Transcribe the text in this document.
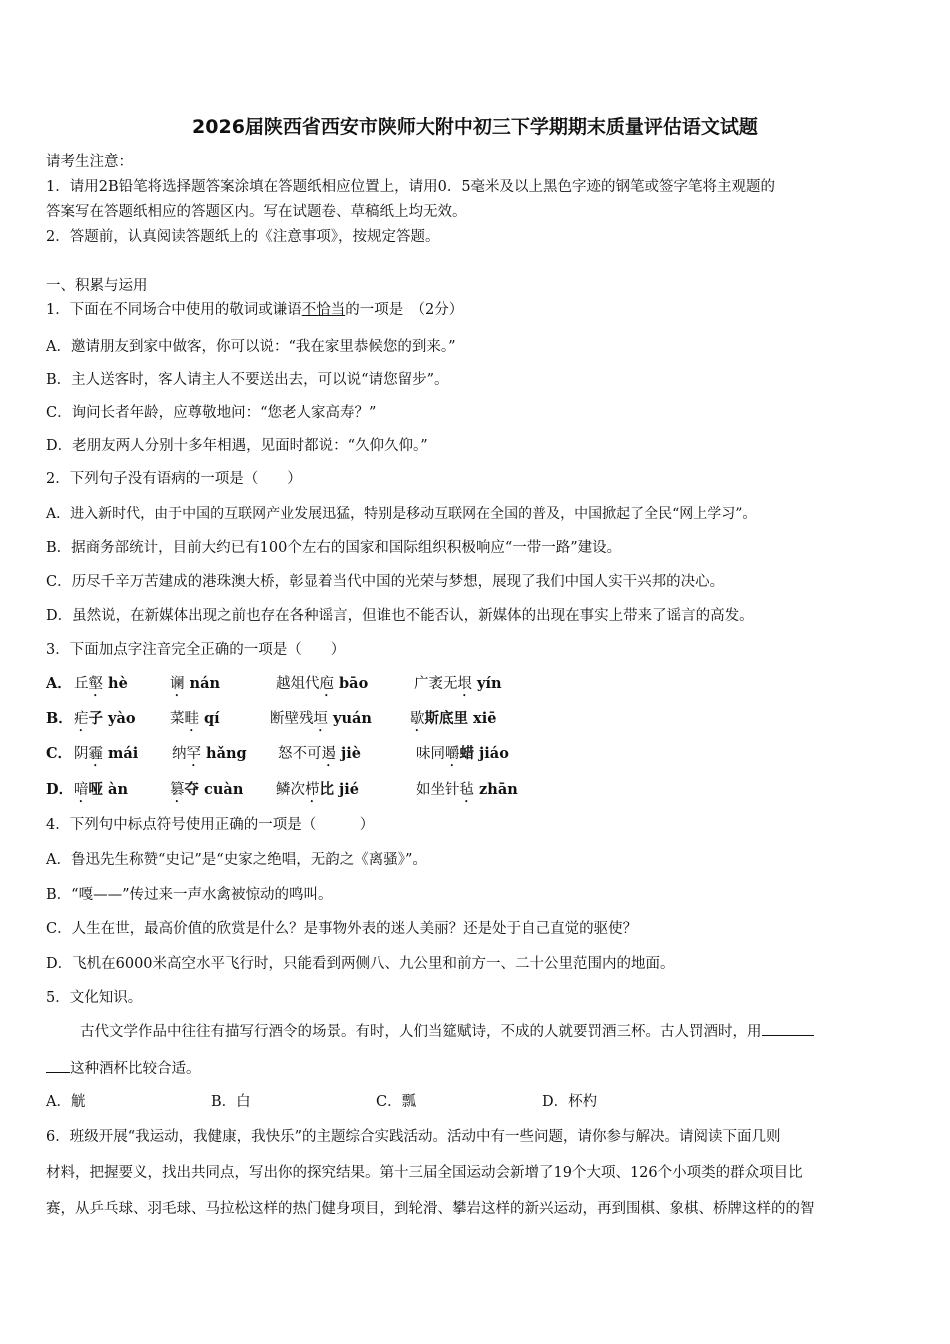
2026届陕西省西安市陕师大附中初三下学期期末质量评估语文试题
请考生注意：
1．请用2B铅笔将选择题答案涂填在答题纸相应位置上，请用0．5毫米及以上黑色字迹的钢笔或签字笔将主观题的
答案写在答题纸相应的答题区内。写在试题卷、草稿纸上均无效。
2．答题前，认真阅读答题纸上的《注意事项》，按规定答题。
一、积累与运用
1．下面在不同场合中使用的敬词或谦语不恰当的一项是　（2分）
A．邀请朋友到家中做客，你可以说：“我在家里恭候您的到来。”
B．主人送客时，客人请主人不要送出去，可以说“请您留步”。
C．询问长者年龄，应尊敬地问：“您老人家高寿？”
D．老朋友两人分别十多年相遇，见面时都说：“久仰久仰。”
2．下列句子没有语病的一项是（　　）
A．进入新时代，由于中国的互联网产业发展迅猛，特别是移动互联网在全国的普及，中国掀起了全民“网上学习”。
B．据商务部统计，目前大约已有100个左右的国家和国际组织积极响应“一带一路”建设。
C．历尽千辛万苦建成的港珠澳大桥，彰显着当代中国的光荣与梦想，展现了我们中国人实干兴邦的决心。
D．虽然说，在新媒体出现之前也存在各种谣言，但谁也不能否认，新媒体的出现在事实上带来了谣言的高发。
3．下面加点字注音完全正确的一项是（　　）
A． 丘壑 hè	谰 nán	越俎代庖 bāo	广袤无垠 yín
B． 疟子 yào 菜畦 qí	断壁残垣 yuán	歇斯底里 xiē
C． 阴霾 mái 纳罕 hǎng 怒不可遏 jiè	味同嚼蜡 jiáo
D． 喑哑 àn	篡夺 cuàn 鳞次栉比 jié	如坐针毡 zhān
4．下列句中标点符号使用正确的一项是（　　　）
A．鲁迅先生称赞“史记”是“史家之绝唱，无韵之《离骚》”。
B．“嘎——”传过来一声水禽被惊动的鸣叫。
C．人生在世，最高价值的欣赏是什么？是事物外表的迷人美丽？还是处于自己直觉的驱使？
D．飞机在6000米高空水平飞行时，只能看到两侧八、九公里和前方一、二十公里范围内的地面。
5．文化知识。
古代文学作品中往往有描写行酒令的场景。有时，人们当筵赋诗，不成的人就要罚酒三杯。古人罚酒时，用
这种酒杯比较合适。
A．觥	B．白	C．瓢	D．杯杓
6．班级开展“我运动，我健康，我快乐”的主题综合实践活动。活动中有一些问题，请你参与解决。请阅读下面几则
材料，把握要义，找出共同点，写出你的探究结果。第十三届全国运动会新增了19个大项、126个小项类的群众项目比
赛，从乒乓球、羽毛球、马拉松这样的热门健身项目，到轮滑、攀岩这样的新兴运动，再到围棋、象棋、桥牌这样的的智
